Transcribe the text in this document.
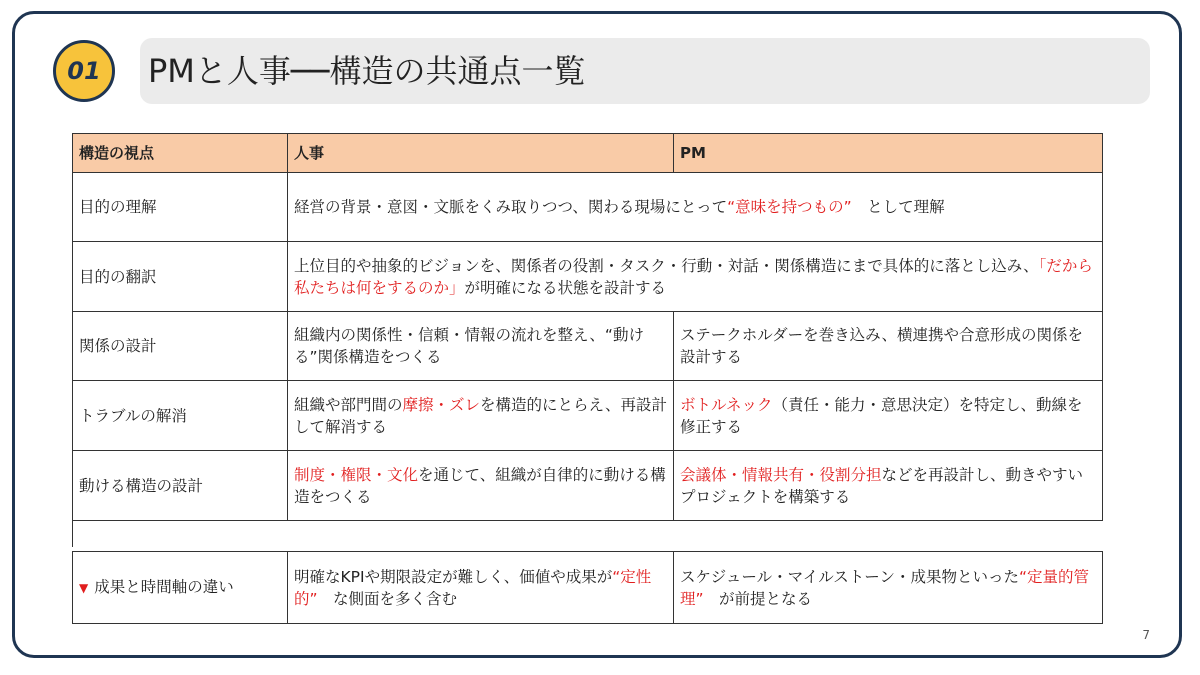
01	PMと人事──構造の共通点一覧
構造の視点	人事	PM
目的の理解	経営の背景・意図・文脈をくみ取りつつ、関わる現場にとって“意味を持つもの”　として理解	
目的の翻訳	上位目的や抽象的ビジョンを、関係者の役割・タスク・行動・対話・関係構造にまで具体的に落とし込み、「だから私たちは何をするのか」が明確になる状態を設計する	
関係の設計	組織内の関係性・信頼・情報の流れを整え、“動ける”関係構造をつくる	ステークホルダーを巻き込み、横連携や合意形成の関係を設計する
トラブルの解消	組織や部門間の摩擦・ズレを構造的にとらえ、再設計して解消する	ボトルネック（責任・能力・意思決定）を特定し、動線を修正する
動ける構造の設計	制度・権限・文化を通じて、組織が自律的に動ける構造をつくる	会議体・情報共有・役割分担などを再設計し、動きやすいプロジェクトを構築する

▼ 成果と時間軸の違い	明確なKPIや期限設定が難しく、価値や成果が“定性的”　な側面を多く含む	スケジュール・マイルストーン・成果物といった“定量的管理”　が前提となる
7
